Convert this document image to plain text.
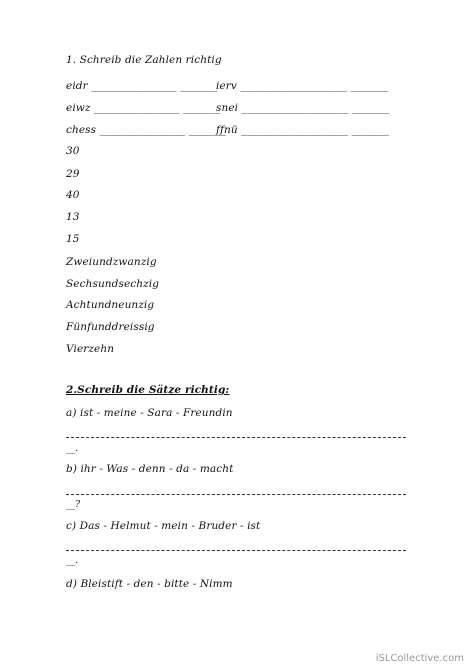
1. Schreib die Zahlen richtig
eidr ________________ _______
ierv ____________________ _______
eiwz ________________ _______
snei ____________________ _______
chess ________________ _______
ffnü ____________________ _______
30
29
40
13
15
Zweiundzwanzig
Sechsundsechzig
Achtundneunzig
Fünfunddreissig
Vierzehn
2.Schreib die Sätze richtig:
a) ist - meine - Sara - Freundin
__.
b) ihr - Was - denn - da - macht
__?
c) Das - Helmut - mein - Bruder - ist
__.
d) Bleistift - den - bitte - Nimm
iSLCollective.com
